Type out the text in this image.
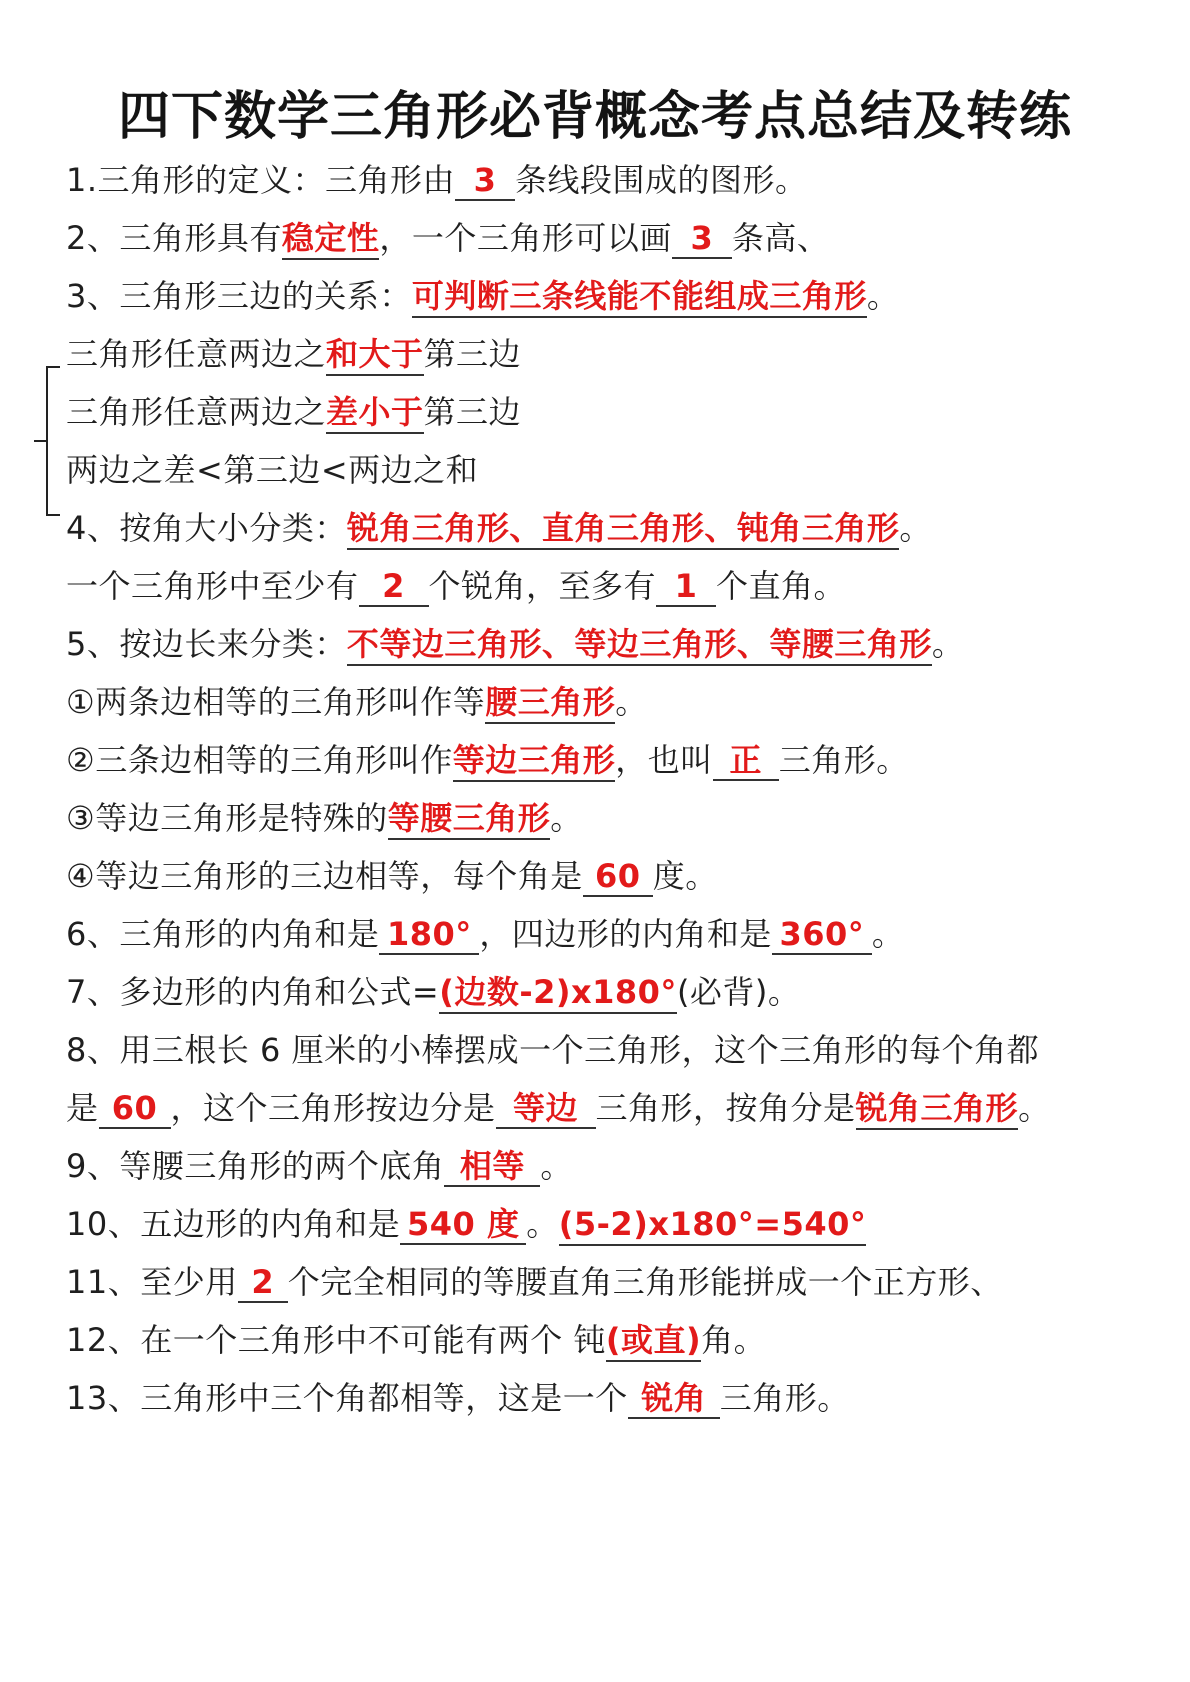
四下数学三角形必背概念考点总结及转练
1.三角形的定义：三角形由 3 条线段围成的图形。
2、三角形具有稳定性，一个三角形可以画 3 条高、
3、三角形三边的关系：可判断三条线能不能组成三角形。
三角形任意两边之和大于第三边
三角形任意两边之差小于第三边
两边之差<第三边<两边之和
4、按角大小分类：锐角三角形、直角三角形、钝角三角形。
一个三角形中至少有 2 个锐角，至多有 1 个直角。
5、按边长来分类：不等边三角形、等边三角形、等腰三角形。
①两条边相等的三角形叫作等腰三角形。
②三条边相等的三角形叫作等边三角形，也叫 正 三角形。
③等边三角形是特殊的等腰三角形。
④等边三角形的三边相等，每个角是 60 度。
6、三角形的内角和是 180° ，四边形的内角和是 360° 。
7、多边形的内角和公式=(边数-2)x180°(必背)。
8、用三根长 6 厘米的小棒摆成一个三角形，这个三角形的每个角都
是 60 ，这个三角形按边分是 等边 三角形，按角分是锐角三角形。
9、等腰三角形的两个底角 相等 。
10、五边形的内角和是 540 度 。(5-2)x180°=540°
11、至少用 2 个完全相同的等腰直角三角形能拼成一个正方形、
12、在一个三角形中不可能有两个 钝(或直)角。
13、三角形中三个角都相等，这是一个 锐角 三角形。
